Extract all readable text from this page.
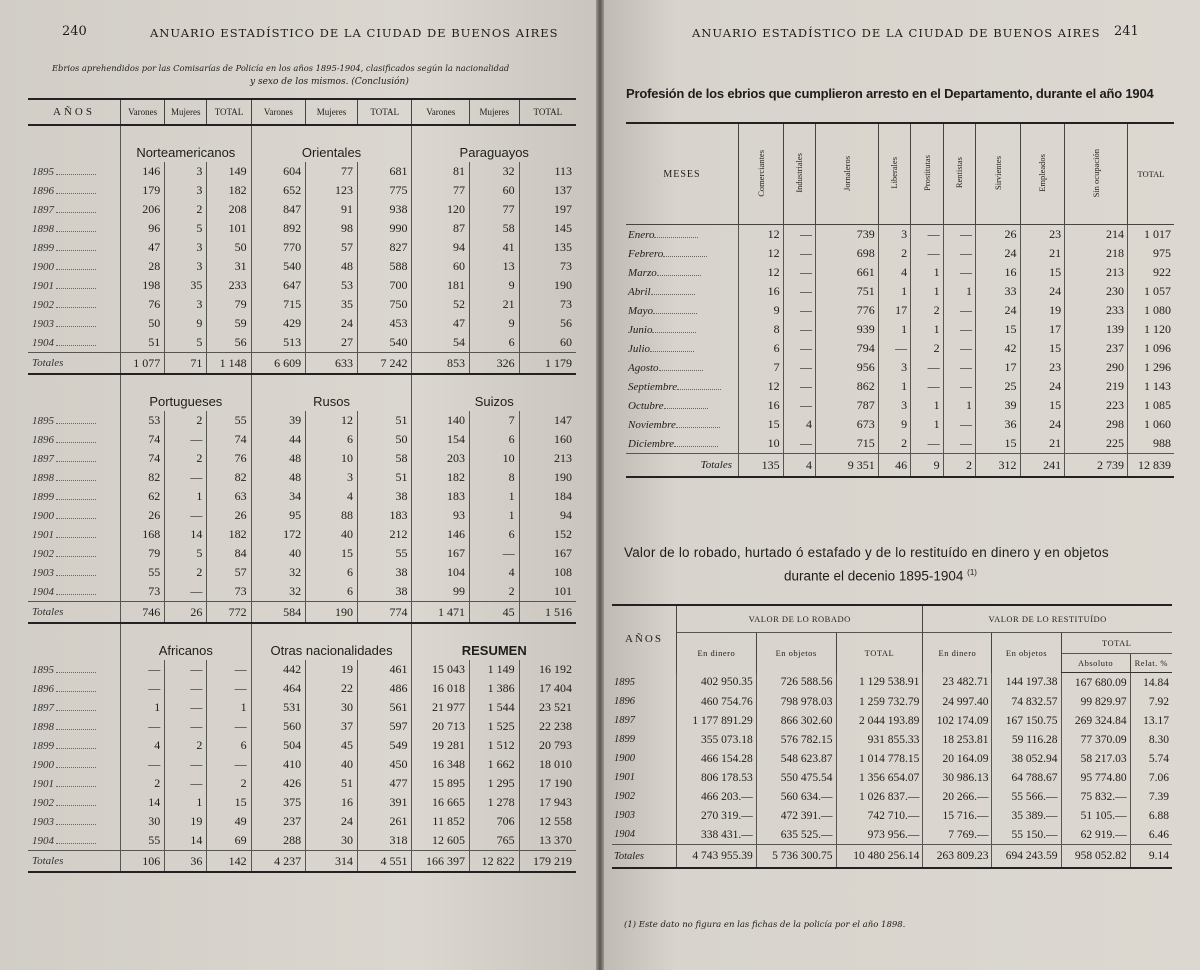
240	ANUARIO ESTADÍSTICO DE LA CIUDAD DE BUENOS AIRES
Ebrios aprehendidos por las Comisarías de Policía en los años 1895-1904, clasificados según la nacionalidad
y sexo de los mismos. (Conclusión)
AÑOS	Varones	Mujeres	TOTAL	Varones	Mujeres	TOTAL	Varones	Mujeres	TOTAL
	Norteamericanos			Orientales			Paraguayos		
1895	146	3	149	604	77	681	81	32	113
1896	179	3	182	652	123	775	77	60	137
1897	206	2	208	847	91	938	120	77	197
1898	96	5	101	892	98	990	87	58	145
1899	47	3	50	770	57	827	94	41	135
1900	28	3	31	540	48	588	60	13	73
1901	198	35	233	647	53	700	181	9	190
1902	76	3	79	715	35	750	52	21	73
1903	50	9	59	429	24	453	47	9	56
1904	51	5	56	513	27	540	54	6	60
Totales	1 077	71	1 148	6 609	633	7 242	853	326	1 179
	Portugueses			Rusos			Suizos		
1895	53	2	55	39	12	51	140	7	147
1896	74	—	74	44	6	50	154	6	160
1897	74	2	76	48	10	58	203	10	213
1898	82	—	82	48	3	51	182	8	190
1899	62	1	63	34	4	38	183	1	184
1900	26	—	26	95	88	183	93	1	94
1901	168	14	182	172	40	212	146	6	152
1902	79	5	84	40	15	55	167	—	167
1903	55	2	57	32	6	38	104	4	108
1904	73	—	73	32	6	38	99	2	101
Totales	746	26	772	584	190	774	1 471	45	1 516
	Africanos			Otras nacionalidades			RESUMEN		
1895	—	—	—	442	19	461	15 043	1 149	16 192
1896	—	—	—	464	22	486	16 018	1 386	17 404
1897	1	—	1	531	30	561	21 977	1 544	23 521
1898	—	—	—	560	37	597	20 713	1 525	22 238
1899	4	2	6	504	45	549	19 281	1 512	20 793
1900	—	—	—	410	40	450	16 348	1 662	18 010
1901	2	—	2	426	51	477	15 895	1 295	17 190
1902	14	1	15	375	16	391	16 665	1 278	17 943
1903	30	19	49	237	24	261	11 852	706	12 558
1904	55	14	69	288	30	318	12 605	765	13 370
Totales	106	36	142	4 237	314	4 551	166 397	12 822	179 219
ANUARIO ESTADÍSTICO DE LA CIUDAD DE BUENOS AIRES 241
Profesión de los ebrios que cumplieron arresto en el Departamento, durante el año 1904
MESES	Comerciantes	Industriales	Jornaleros	Liberales	Prostitutas	Rentistas	Sirvientes	Empleados	Sin ocupación	TOTAL
Enero	12	—	739	3	—	—	26	23	214	1 017
Febrero	12	—	698	2	—	—	24	21	218	975
Marzo	12	—	661	4	1	—	16	15	213	922
Abril	16	—	751	1	1	1	33	24	230	1 057
Mayo	9	—	776	17	2	—	24	19	233	1 080
Junio	8	—	939	1	1	—	15	17	139	1 120
Julio	6	—	794	—	2	—	42	15	237	1 096
Agosto	7	—	956	3	—	—	17	23	290	1 296
Septiembre	12	—	862	1	—	—	25	24	219	1 143
Octubre	16	—	787	3	1	1	39	15	223	1 085
Noviembre	15	4	673	9	1	—	36	24	298	1 060
Diciembre	10	—	715	2	—	—	15	21	225	988
Totales	135	4	9 351	46	9	2	312	241	2 739	12 839
Valor de lo robado, hurtado ó estafado y de lo restituído en dinero y en objetos
durante el decenio 1895-1904 $^{(1)}$
AÑOS	VALOR DE LO ROBADO			VALOR DE LO RESTITUÍDO			
	En dinero	En objetos	TOTAL	En dinero	En objetos	TOTAL	
						Absoluto	Relat. %
1895	402 950.35	726 588.56	1 129 538.91	23 482.71	144 197.38	167 680.09	14.84
1896	460 754.76	798 978.03	1 259 732.79	24 997.40	74 832.57	99 829.97	7.92
1897	1 177 891.29	866 302.60	2 044 193.89	102 174.09	167 150.75	269 324.84	13.17
1899	355 073.18	576 782.15	931 855.33	18 253.81	59 116.28	77 370.09	8.30
1900	466 154.28	548 623.87	1 014 778.15	20 164.09	38 052.94	58 217.03	5.74
1901	806 178.53	550 475.54	1 356 654.07	30 986.13	64 788.67	95 774.80	7.06
1902	466 203.—	560 634.—	1 026 837.—	20 266.—	55 566.—	75 832.—	7.39
1903	270 319.—	472 391.—	742 710.—	15 716.—	35 389.—	51 105.—	6.88
1904	338 431.—	635 525.—	973 956.—	7 769.—	55 150.—	62 919.—	6.46
Totales	4 743 955.39	5 736 300.75	10 480 256.14	263 809.23	694 243.59	958 052.82	9.14
(1) Este dato no figura en las fichas de la policía por el año 1898.
